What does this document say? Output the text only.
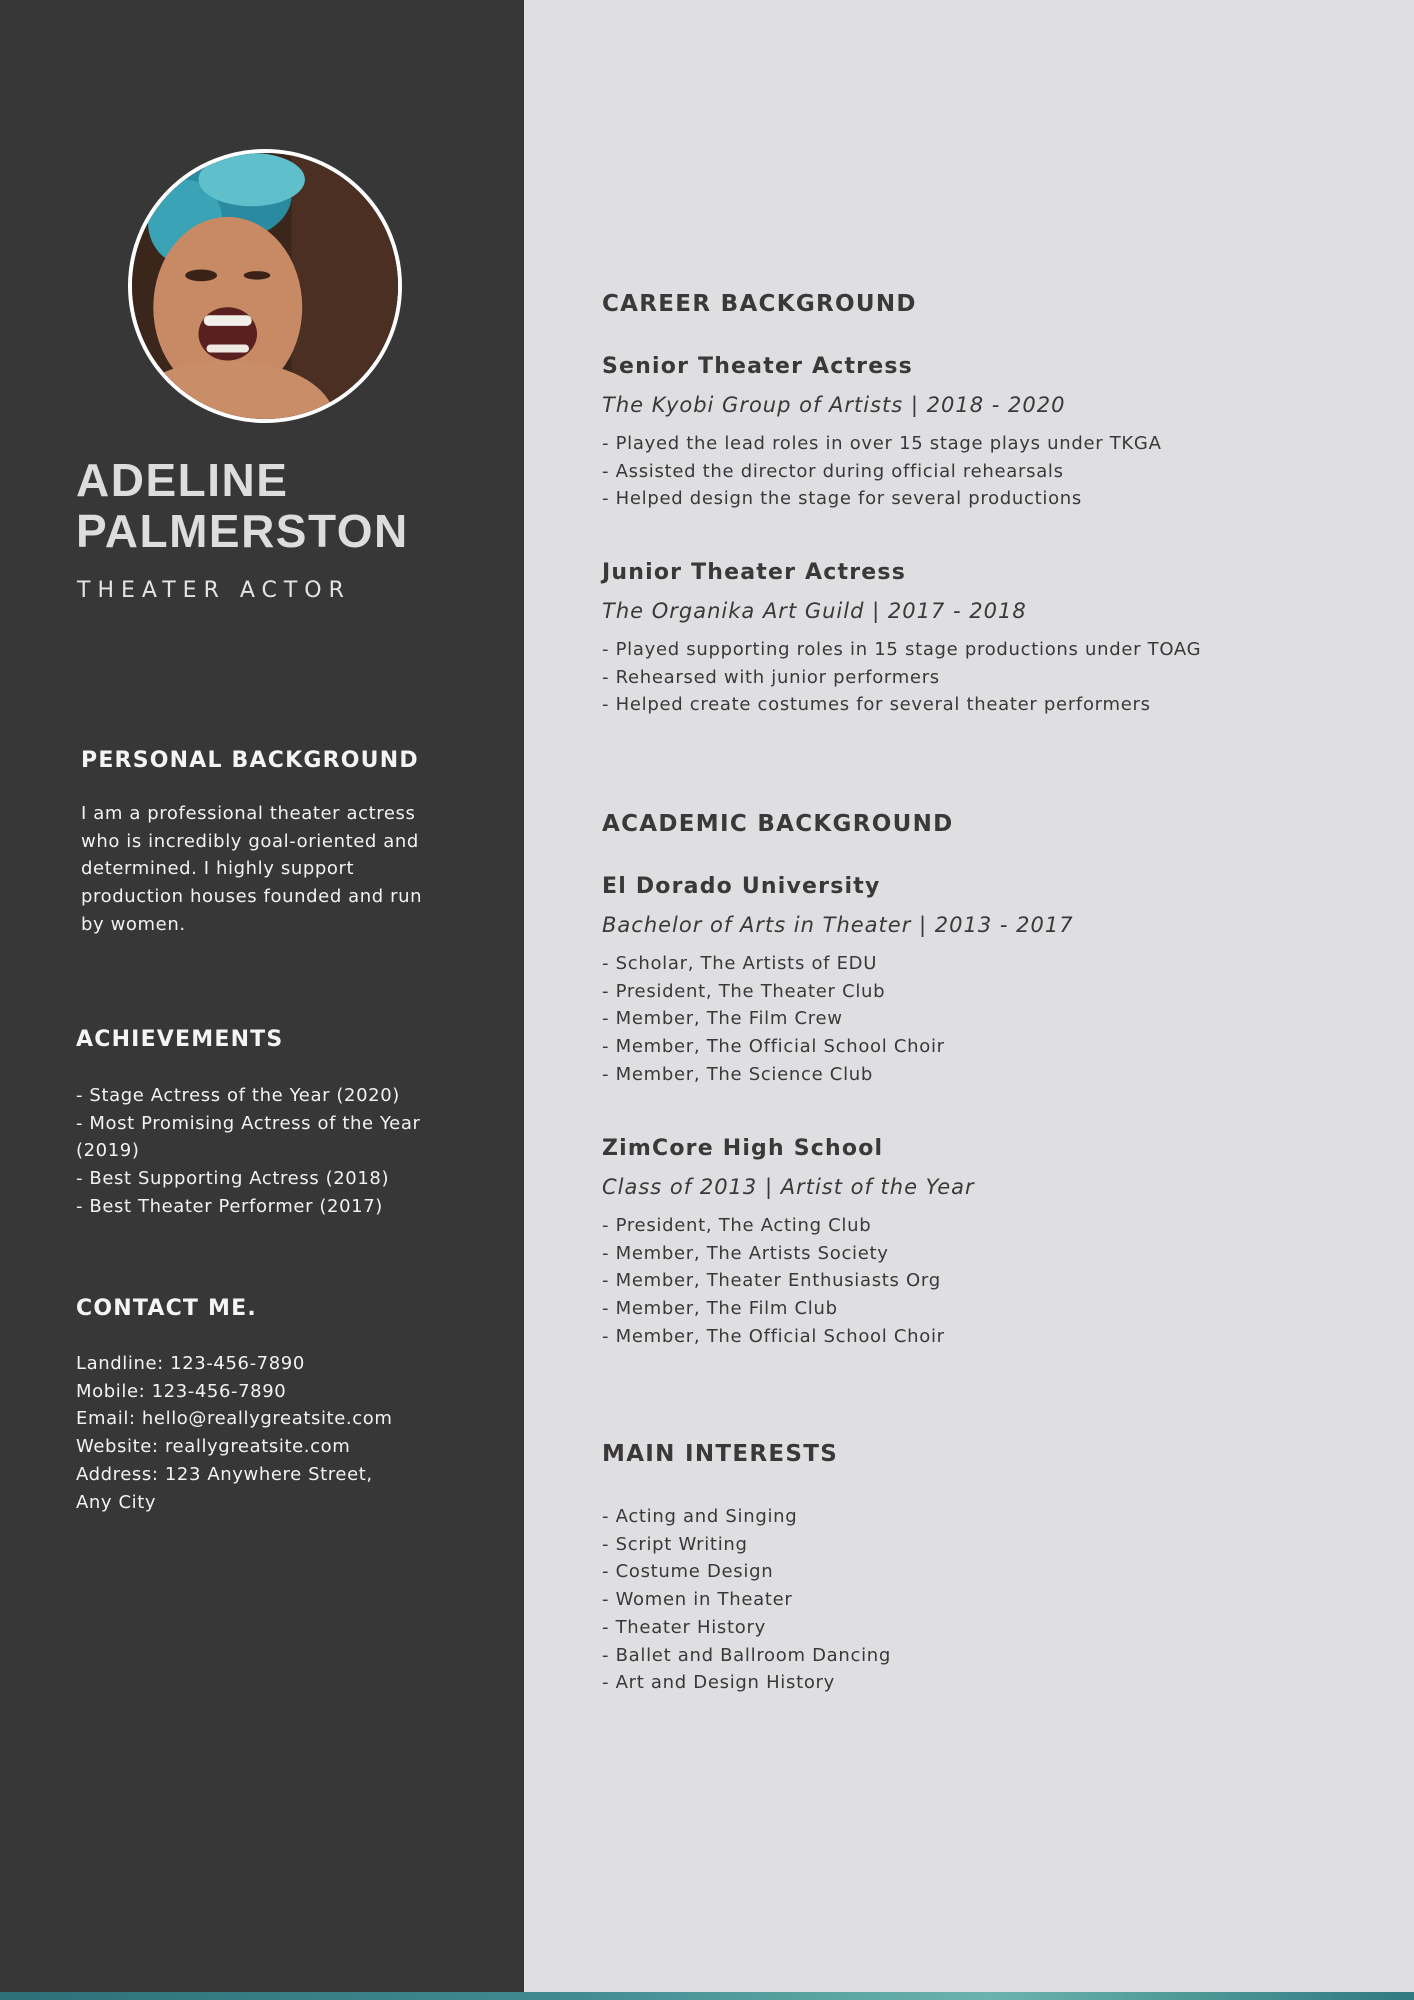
ADELINE
PALMERSTON
THEATER ACTOR
PERSONAL BACKGROUND
I am a professional theater actress
who is incredibly goal-oriented and
determined. I highly support
production houses founded and run
by women.
ACHIEVEMENTS
- Stage Actress of the Year (2020)
- Most Promising Actress of the Year
(2019)
- Best Supporting Actress (2018)
- Best Theater Performer (2017)
CONTACT ME.
Landline: 123-456-7890
Mobile: 123-456-7890
Email: hello@reallygreatsite.com
Website: reallygreatsite.com
Address: 123 Anywhere Street,
Any City
CAREER BACKGROUND
Senior Theater Actress
The Kyobi Group of Artists | 2018 - 2020
- Played the lead roles in over 15 stage plays under TKGA
- Assisted the director during official rehearsals
- Helped design the stage for several productions
Junior Theater Actress
The Organika Art Guild | 2017 - 2018
- Played supporting roles in 15 stage productions under TOAG
- Rehearsed with junior performers
- Helped create costumes for several theater performers
ACADEMIC BACKGROUND
El Dorado University
Bachelor of Arts in Theater | 2013 - 2017
- Scholar, The Artists of EDU
- President, The Theater Club
- Member, The Film Crew
- Member, The Official School Choir
- Member, The Science Club
ZimCore High School
Class of 2013 | Artist of the Year
- President, The Acting Club
- Member, The Artists Society
- Member, Theater Enthusiasts Org
- Member, The Film Club
- Member, The Official School Choir
MAIN INTERESTS
- Acting and Singing
- Script Writing
- Costume Design
- Women in Theater
- Theater History
- Ballet and Ballroom Dancing
- Art and Design History
